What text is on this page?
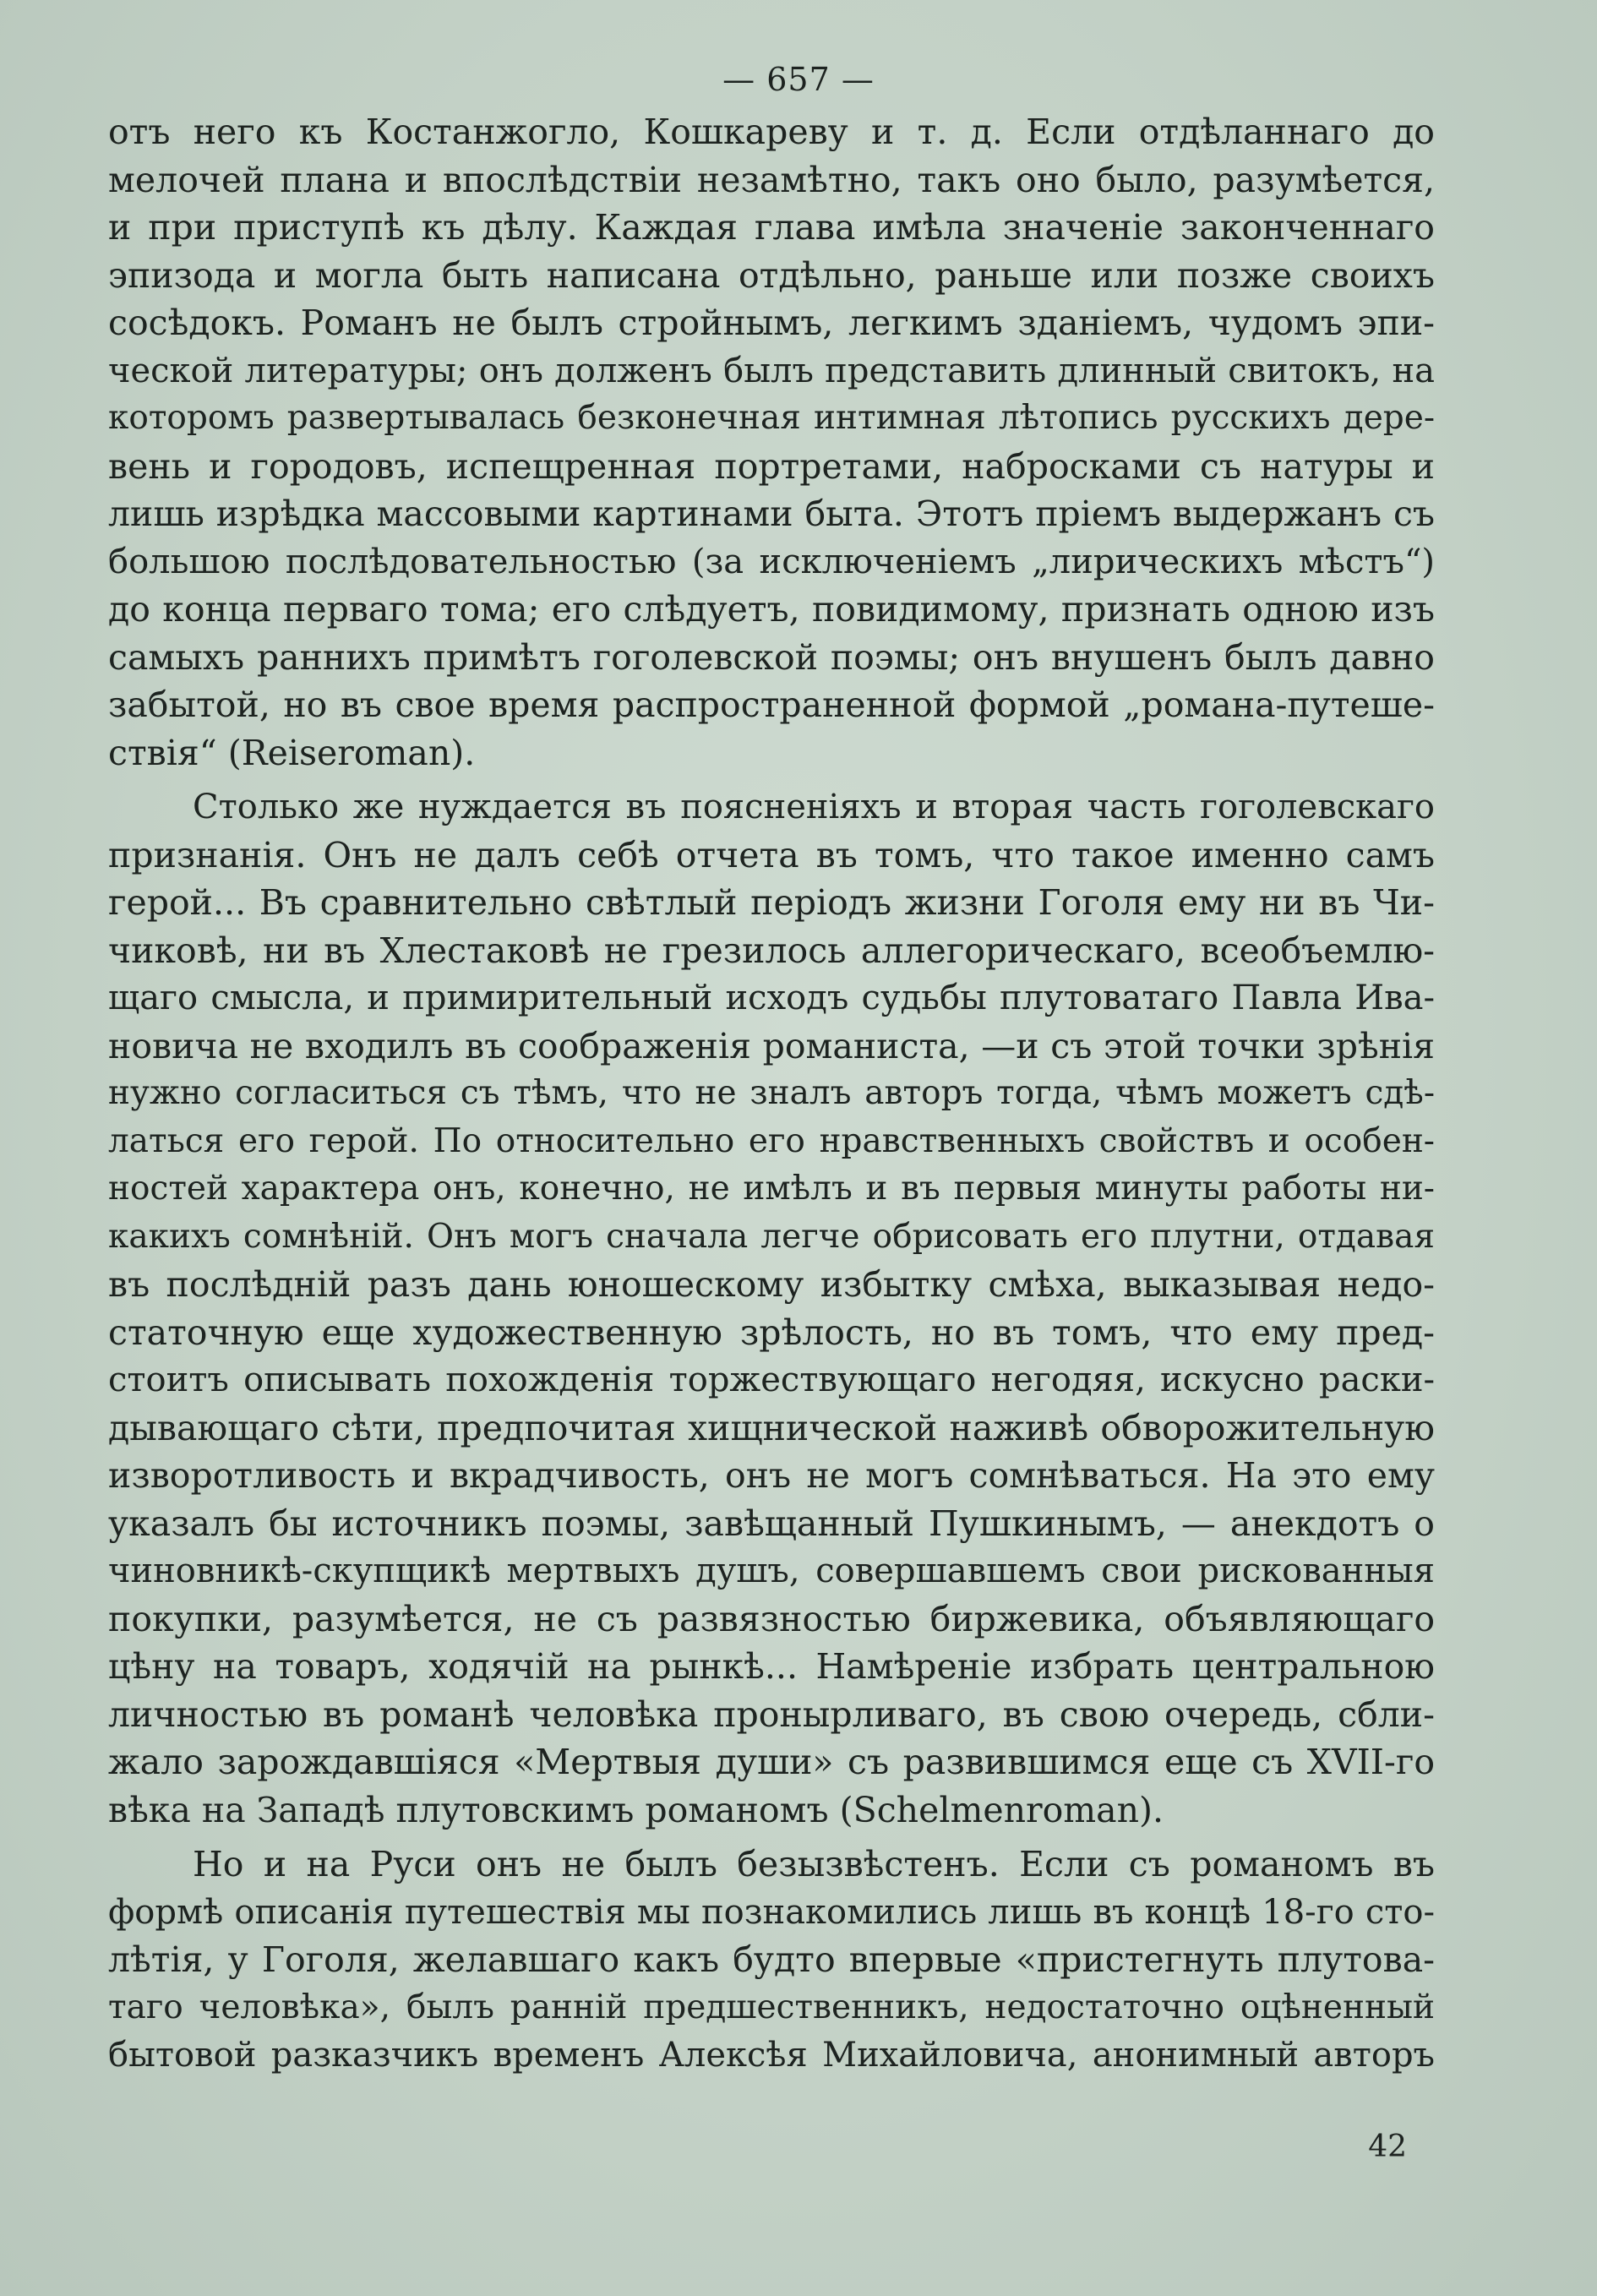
— 657 —
отъ него къ Костанжогло, Кошкареву и т. д. Если отдѣланнаго до
мелочей плана и впослѣдствіи незамѣтно, такъ оно было, разумѣется,
и при приступѣ къ дѣлу. Каждая глава имѣла значеніе законченнаго
эпизода и могла быть написана отдѣльно, раньше или позже своихъ
сосѣдокъ. Романъ не былъ стройнымъ, легкимъ зданіемъ, чудомъ эпи-
ческой литературы; онъ долженъ былъ представить длинный свитокъ, на
которомъ развертывалась безконечная интимная лѣтопись русскихъ дере-
вень и городовъ, испещренная портретами, набросками съ натуры и
лишь изрѣдка массовыми картинами быта. Этотъ пріемъ выдержанъ съ
большою послѣдовательностью (за исключеніемъ „лирическихъ мѣстъ“)
до конца перваго тома; его слѣдуетъ, повидимому, признать одною изъ
самыхъ раннихъ примѣтъ гоголевской поэмы; онъ внушенъ былъ давно
забытой, но въ свое время распространенной формой „романа-путеше-
ствія“ (Reiseroman).
Столько же нуждается въ поясненіяхъ и вторая часть гоголевскаго
признанія. Онъ не далъ себѣ отчета въ томъ, что такое именно самъ
герой... Въ сравнительно свѣтлый періодъ жизни Гоголя ему ни въ Чи-
чиковѣ, ни въ Хлестаковѣ не грезилось аллегорическаго, всеобъемлю-
щаго смысла, и примирительный исходъ судьбы плутоватаго Павла Ива-
новича не входилъ въ соображенія романиста, —и съ этой точки зрѣнія
нужно согласиться съ тѣмъ, что не зналъ авторъ тогда, чѣмъ можетъ сдѣ-
латься его герой. По относительно его нравственныхъ свойствъ и особен-
ностей характера онъ, конечно, не имѣлъ и въ первыя минуты работы ни-
какихъ сомнѣній. Онъ могъ сначала легче обрисовать его плутни, отдавая
въ послѣдній разъ дань юношескому избытку смѣха, выказывая недо-
статочную еще художественную зрѣлость, но въ томъ, что ему пред-
стоитъ описывать похожденія торжествующаго негодяя, искусно раски-
дывающаго сѣти, предпочитая хищнической наживѣ обворожительную
изворотливость и вкрадчивость, онъ не могъ сомнѣваться. На это ему
указалъ бы источникъ поэмы, завѣщанный Пушкинымъ, — анекдотъ о
чиновникѣ-скупщикѣ мертвыхъ душъ, совершавшемъ свои рискованныя
покупки, разумѣется, не съ развязностью биржевика, объявляющаго
цѣну на товаръ, ходячій на рынкѣ... Намѣреніе избрать центральною
личностью въ романѣ человѣка пронырливаго, въ свою очередь, сбли-
жало зарождавшіяся «Мертвыя души» съ развившимся еще съ XVII-го
вѣка на Западѣ плутовскимъ романомъ (Schelmenroman).
Но и на Руси онъ не былъ безызвѣстенъ. Если съ романомъ въ
формѣ описанія путешествія мы познакомились лишь въ концѣ 18-го сто-
лѣтія, у Гоголя, желавшаго какъ будто впервые «пристегнуть плутова-
таго человѣка», былъ ранній предшественникъ, недостаточно оцѣненный
бытовой разказчикъ временъ Алексѣя Михайловича, анонимный авторъ
42
